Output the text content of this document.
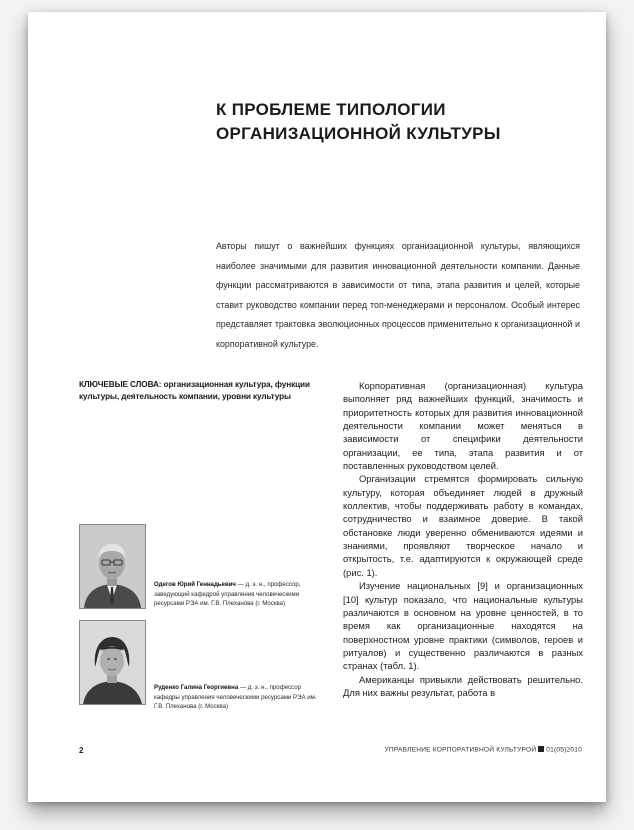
К ПРОБЛЕМЕ ТИПОЛОГИИ
ОРГАНИЗАЦИОННОЙ КУЛЬТУРЫ

Авторы пишут о важнейших функциях организационной культуры, являющихся наиболее значимыми для развития инновационной деятельности компании. Данные функции рассматриваются в зависимости от типа, этапа развития и целей, которые ставит руководство компании перед топ-менеджерами и персоналом. Особый интерес представляет трактовка эволюционных процессов применительно к организационной и корпоративной культуре.

КЛЮЧЕВЫЕ СЛОВА: организационная культура, функции культуры, деятельность компании, уровни культуры
Одегов Юрий Геннадьевич — д. э. н., профессор, заведующий кафедрой управления человеческими ресурсами РЭА им. Г.В. Плеханова (г. Москва)
Руденко Галина Георгиевна — д. э. н., профессор кафедры управления человеческими ресурсами РЭА им. Г.В. Плеханова (г. Москва)

Корпоративная (организационная) культура выполняет ряд важнейших функций, значимость и приоритетность которых для развития инновационной деятельности компании может меняться в зависимости от специфики деятельности организации, ее типа, этапа развития и от поставленных руководством целей.

Организации стремятся формировать сильную культуру, которая объединяет людей в дружный коллектив, чтобы поддерживать работу в командах, сотрудничество и взаимное доверие. В такой обстановке люди уверенно обмениваются идеями и знаниями, проявляют творческое начало и открытость, т.е. адаптируются к окружающей среде (рис. 1).

Изучение национальных [9] и организационных [10] культур показало, что национальные культуры различаются в основном на уровне ценностей, в то время как организационные находятся на поверхностном уровне практики (символов, героев и ритуалов) и существенно различаются в разных странах (табл. 1).

Американцы привыкли действовать решительно. Для них важны результат, работа в

2	УПРАВЛЕНИЕ КОРПОРАТИВНОЙ КУЛЬТУРОЙ 01(05)2010
